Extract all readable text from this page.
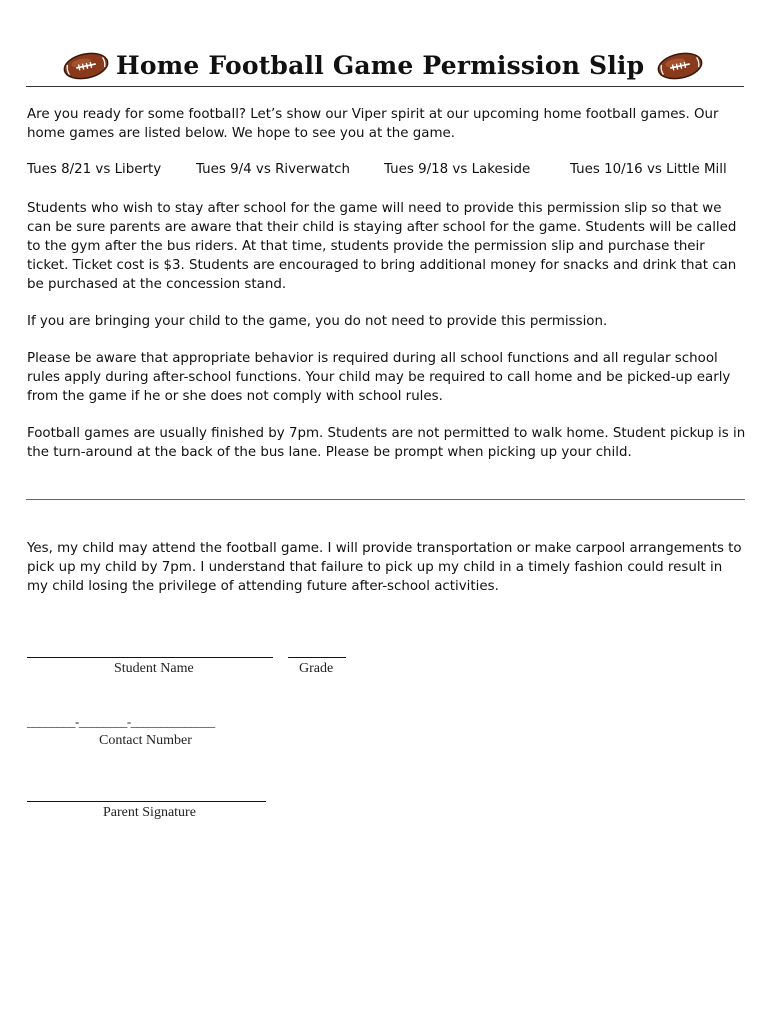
Home Football Game Permission Slip

Are you ready for some football? Let’s show our Viper spirit at our upcoming home football games. Our home games are listed below. We hope to see you at the game.

Tues 8/21 vs Liberty	Tues 9/4 vs Riverwatch	Tues 9/18 vs Lakeside	Tues 10/16 vs Little Mill

Students who wish to stay after school for the game will need to provide this permission slip so that we can be sure parents are aware that their child is staying after school for the game. Students will be called to the gym after the bus riders. At that time, students provide the permission slip and purchase their ticket. Ticket cost is $3. Students are encouraged to bring additional money for snacks and drink that can be purchased at the concession stand.

If you are bringing your child to the game, you do not need to provide this permission.

Please be aware that appropriate behavior is required during all school functions and all regular school rules apply during after-school functions. Your child may be required to call home and be picked-up early from the game if he or she does not comply with school rules.

Football games are usually finished by 7pm. Students are not permitted to walk home. Student pickup is in the turn-around at the back of the bus lane. Please be prompt when picking up your child.

Yes, my child may attend the football game. I will provide transportation or make carpool arrangements to pick up my child by 7pm. I understand that failure to pick up my child in a timely fashion could result in my child losing the privilege of attending future after-school activities.

Student Name	Grade
________-________-______________
Contact Number
Parent Signature
